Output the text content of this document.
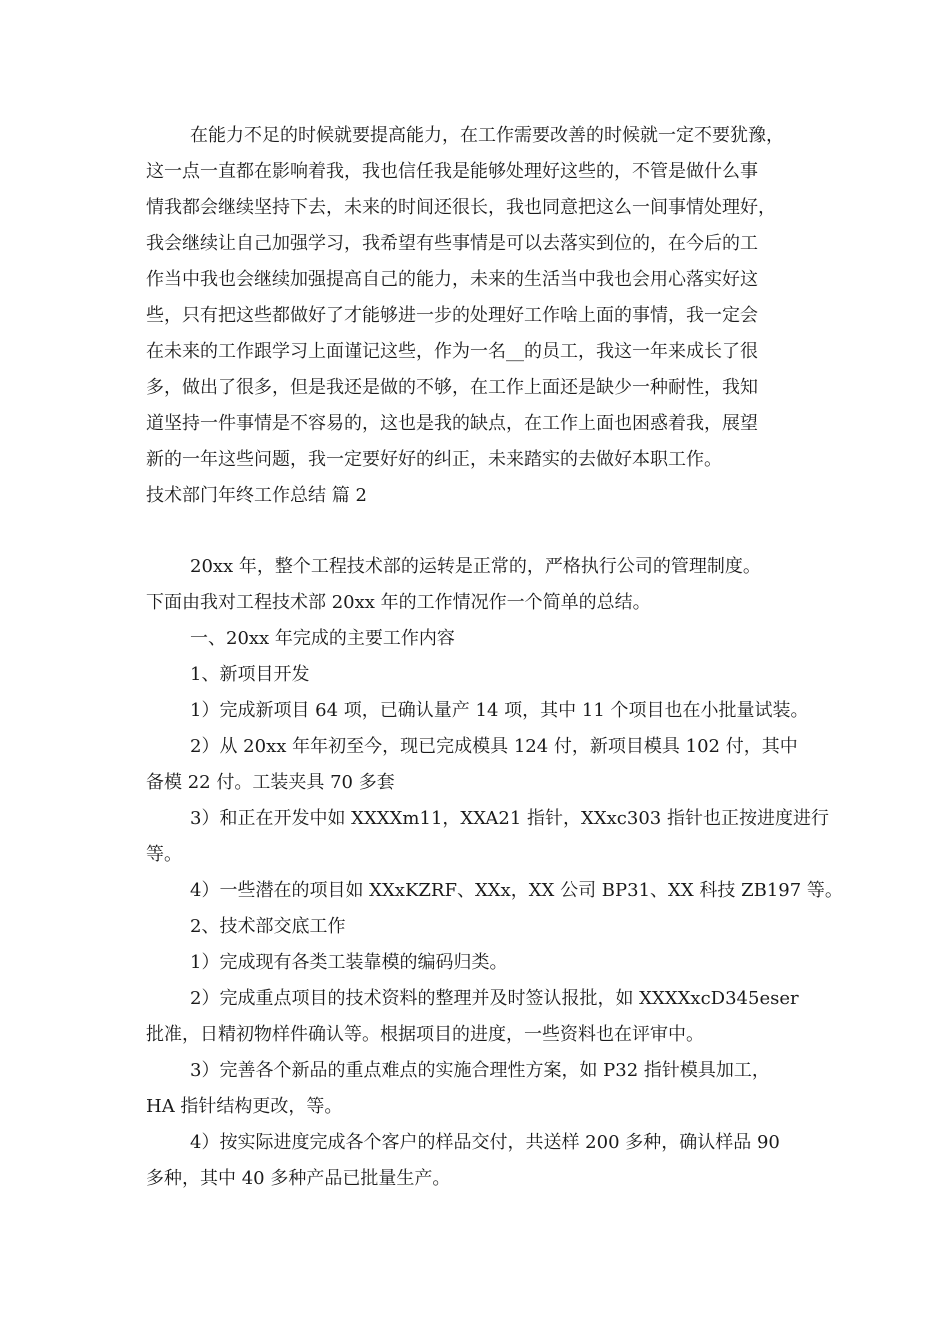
在能力不足的时候就要提高能力，在工作需要改善的时候就一定不要犹豫，
这一点一直都在影响着我，我也信任我是能够处理好这些的，不管是做什么事
情我都会继续坚持下去，未来的时间还很长，我也同意把这么一间事情处理好，
我会继续让自己加强学习，我希望有些事情是可以去落实到位的，在今后的工
作当中我也会继续加强提高自己的能力，未来的生活当中我也会用心落实好这
些，只有把这些都做好了才能够进一步的处理好工作啥上面的事情，我一定会
在未来的工作跟学习上面谨记这些，作为一名__的员工，我这一年来成长了很
多，做出了很多，但是我还是做的不够，在工作上面还是缺少一种耐性，我知
道坚持一件事情是不容易的，这也是我的缺点，在工作上面也困惑着我，展望
新的一年这些问题，我一定要好好的纠正，未来踏实的去做好本职工作。
技术部门年终工作总结 篇 2
20xx 年，整个工程技术部的运转是正常的，严格执行公司的管理制度。
下面由我对工程技术部 20xx 年的工作情况作一个简单的总结。
一、20xx 年完成的主要工作内容
1、新项目开发
1）完成新项目 64 项，已确认量产 14 项，其中 11 个项目也在小批量试装。
2）从 20xx 年年初至今，现已完成模具 124 付，新项目模具 102 付，其中
备模 22 付。工装夹具 70 多套
3）和正在开发中如 XXXXm11，XXA21 指针，XXxc303 指针也正按进度进行
等。
4）一些潜在的项目如 XXxKZRF、XXx，XX 公司 BP31、XX 科技 ZB197 等。
2、技术部交底工作
1）完成现有各类工装靠模的编码归类。
2）完成重点项目的技术资料的整理并及时签认报批，如 XXXXxcD345eser
批准，日精初物样件确认等。根据项目的进度，一些资料也在评审中。
3）完善各个新品的重点难点的实施合理性方案，如 P32 指针模具加工，
HA 指针结构更改，等。
4）按实际进度完成各个客户的样品交付，共送样 200 多种，确认样品 90
多种，其中 40 多种产品已批量生产。
